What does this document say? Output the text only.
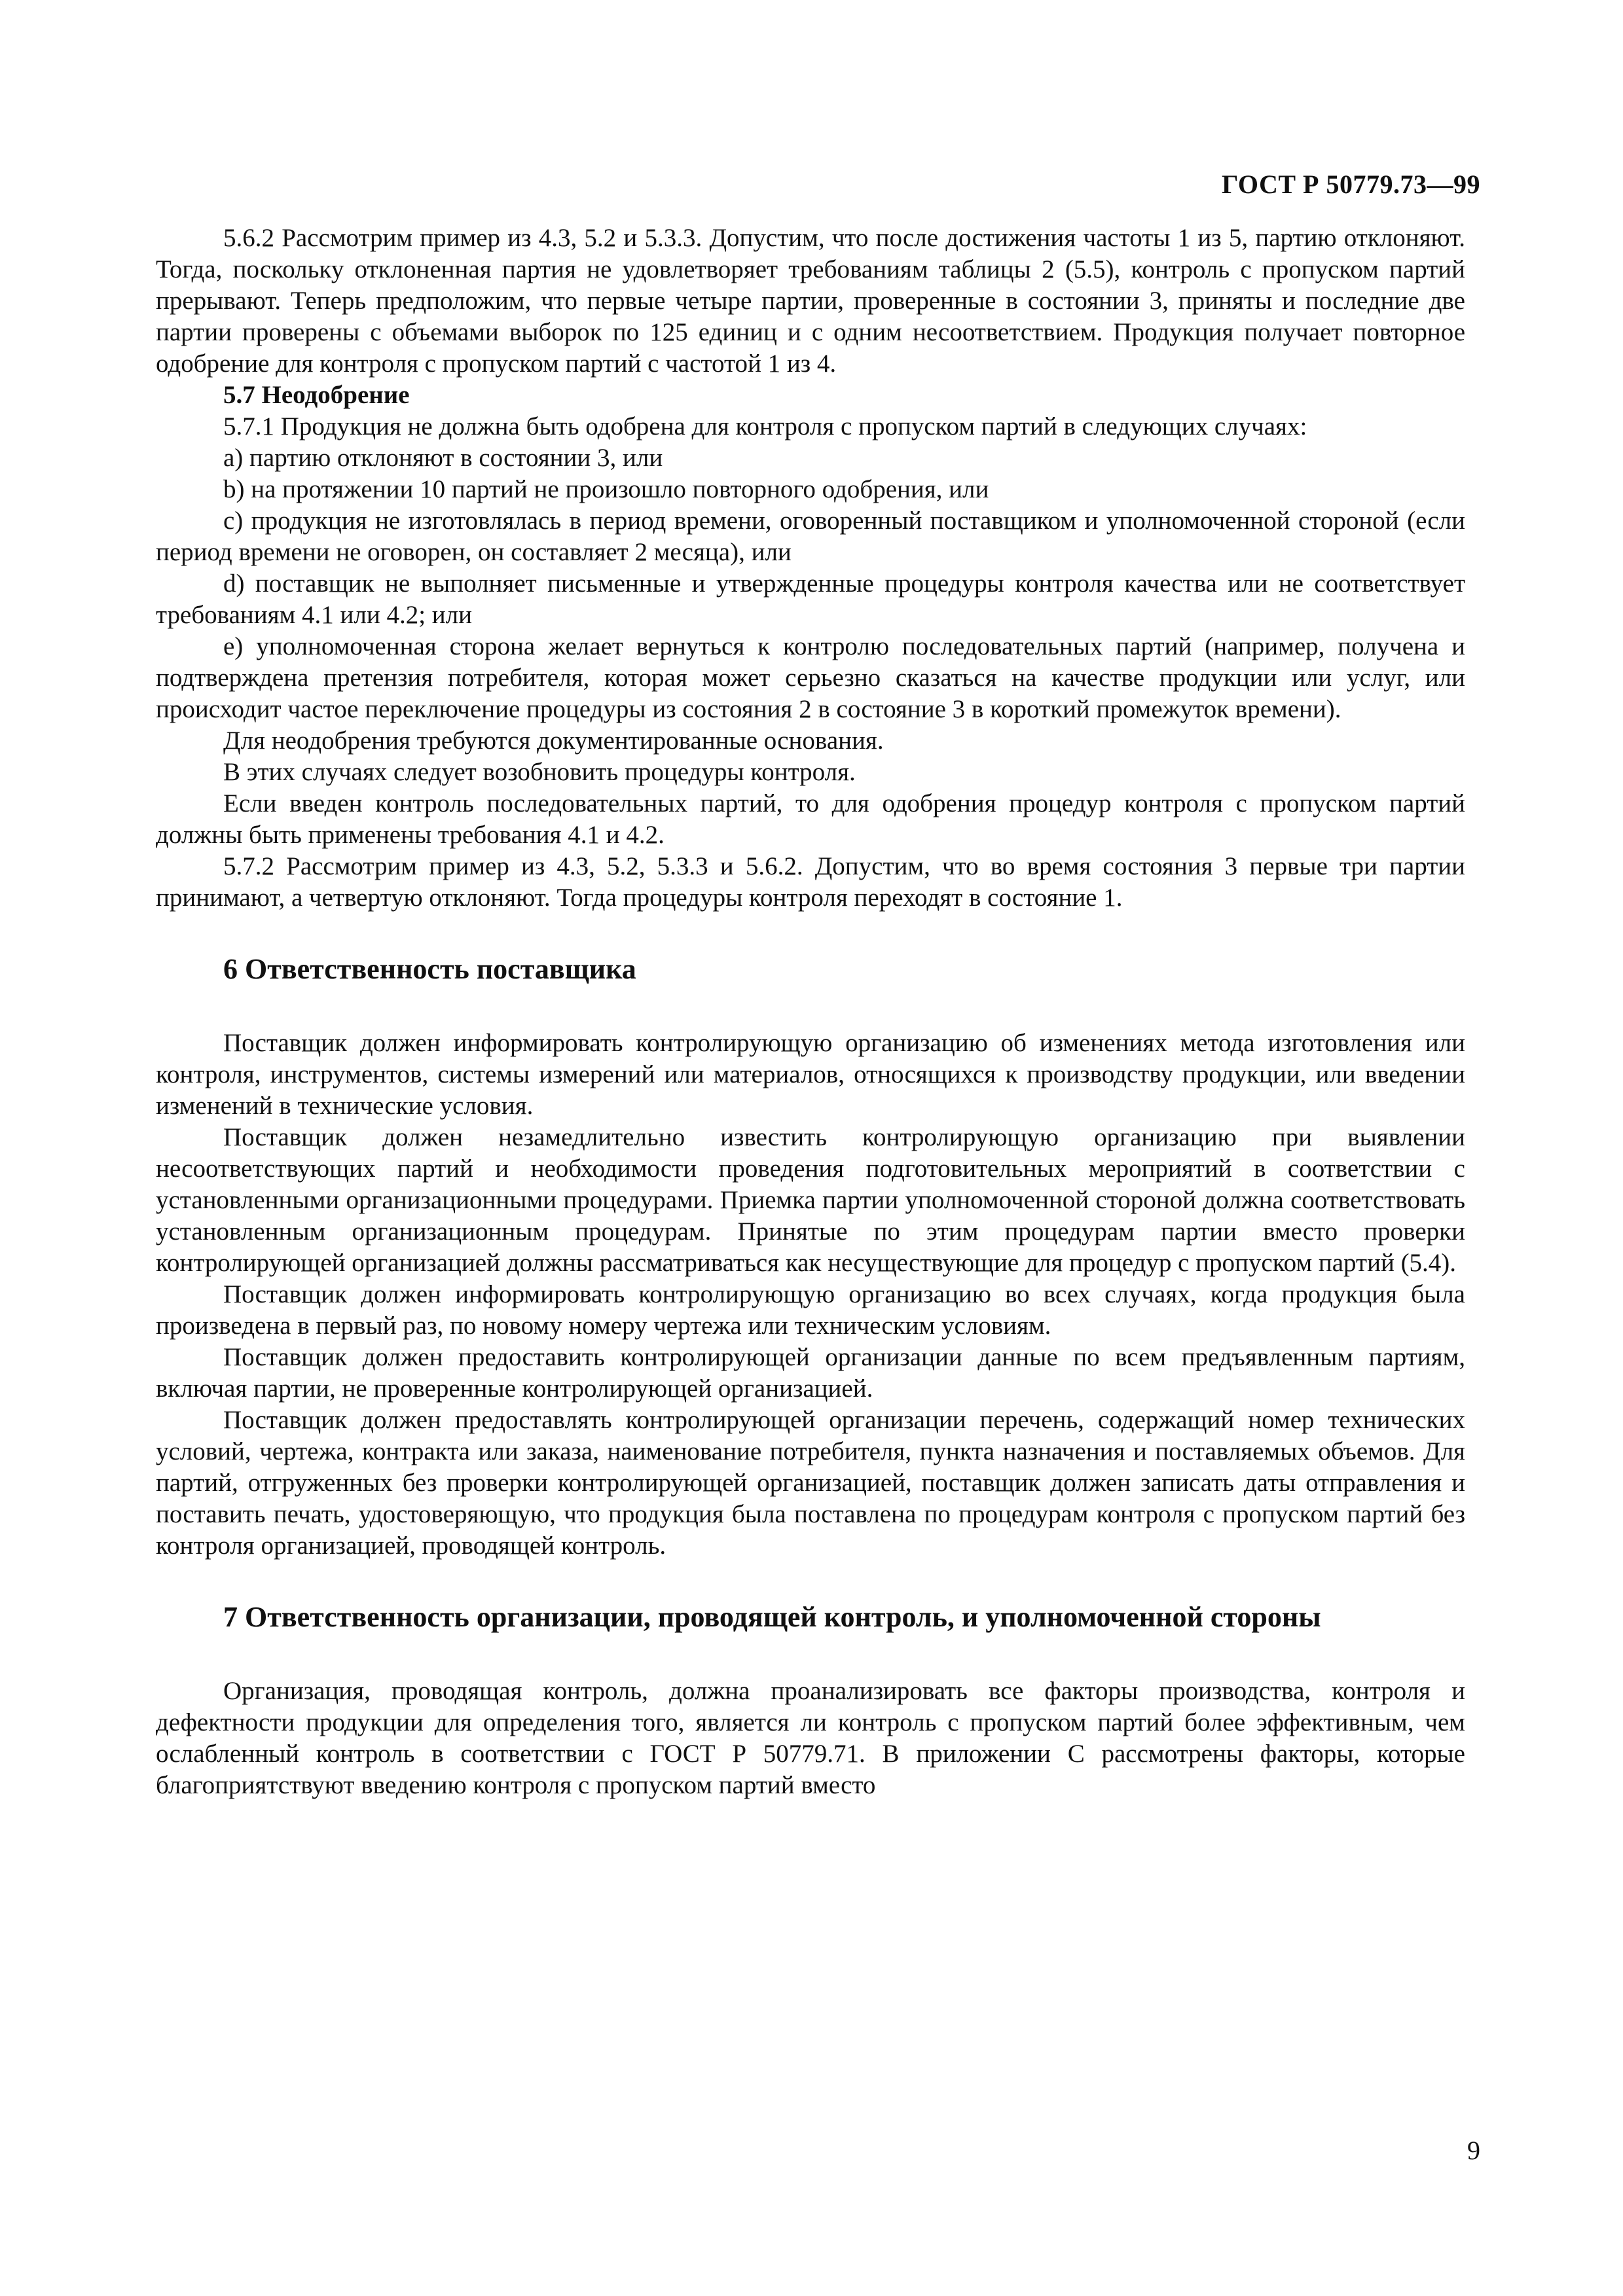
ГОСТ Р 50779.73—99

5.6.2 Рассмотрим пример из 4.3, 5.2 и 5.3.3. Допустим, что после достижения частоты 1 из 5, партию отклоняют. Тогда, поскольку отклоненная партия не удовлетворяет требованиям таблицы 2 (5.5), контроль с пропуском партий прерывают. Теперь предположим, что первые четыре партии, проверенные в состоянии 3, приняты и последние две партии проверены с объемами выборок по 125 единиц и с одним несоответствием. Продукция получает повторное одобрение для контроля с пропуском партий с частотой 1 из 4.

5.7 Неодобрение

5.7.1 Продукция не должна быть одобрена для контроля с пропуском партий в следующих случаях:

а) партию отклоняют в состоянии 3, или

b) на протяжении 10 партий не произошло повторного одобрения, или

с) продукция не изготовлялась в период времени, оговоренный поставщиком и уполномоченной стороной (если период времени не оговорен, он составляет 2 месяца), или

d) поставщик не выполняет письменные и утвержденные процедуры контроля качества или не соответствует требованиям 4.1 или 4.2; или

е) уполномоченная сторона желает вернуться к контролю последовательных партий (например, получена и подтверждена претензия потребителя, которая может серьезно сказаться на качестве продукции или услуг, или происходит частое переключение процедуры из состояния 2 в состояние 3 в короткий промежуток времени).

Для неодобрения требуются документированные основания.

В этих случаях следует возобновить процедуры контроля.

Если введен контроль последовательных партий, то для одобрения процедур контроля с пропуском партий должны быть применены требования 4.1 и 4.2.

5.7.2 Рассмотрим пример из 4.3, 5.2, 5.3.3 и 5.6.2. Допустим, что во время состояния 3 первые три партии принимают, а четвертую отклоняют. Тогда процедуры контроля переходят в состояние 1.

6 Ответственность поставщика

Поставщик должен информировать контролирующую организацию об изменениях метода изготовления или контроля, инструментов, системы измерений или материалов, относящихся к производству продукции, или введении изменений в технические условия.

Поставщик должен незамедлительно известить контролирующую организацию при выявлении несоответствующих партий и необходимости проведения подготовительных мероприятий в соответствии с установленными организационными процедурами. Приемка партии уполномоченной стороной должна соответствовать установленным организационным процедурам. Принятые по этим процедурам партии вместо проверки контролирующей организацией должны рассматриваться как несуществующие для процедур с пропуском партий (5.4).

Поставщик должен информировать контролирующую организацию во всех случаях, когда продукция была произведена в первый раз, по новому номеру чертежа или техническим условиям.

Поставщик должен предоставить контролирующей организации данные по всем предъявленным партиям, включая партии, не проверенные контролирующей организацией.

Поставщик должен предоставлять контролирующей организации перечень, содержащий номер технических условий, чертежа, контракта или заказа, наименование потребителя, пункта назначения и поставляемых объемов. Для партий, отгруженных без проверки контролирующей организацией, поставщик должен записать даты отправления и поставить печать, удостоверяющую, что продукция была поставлена по процедурам контроля с пропуском партий без контроля организацией, проводящей контроль.

7 Ответственность организации, проводящей контроль, и уполномоченной стороны

Организация, проводящая контроль, должна проанализировать все факторы производства, контроля и дефектности продукции для определения того, является ли контроль с пропуском партий более эффективным, чем ослабленный контроль в соответствии с ГОСТ Р 50779.71. В приложении С рассмотрены факторы, которые благоприятствуют введению контроля с пропуском партий вместо

9
